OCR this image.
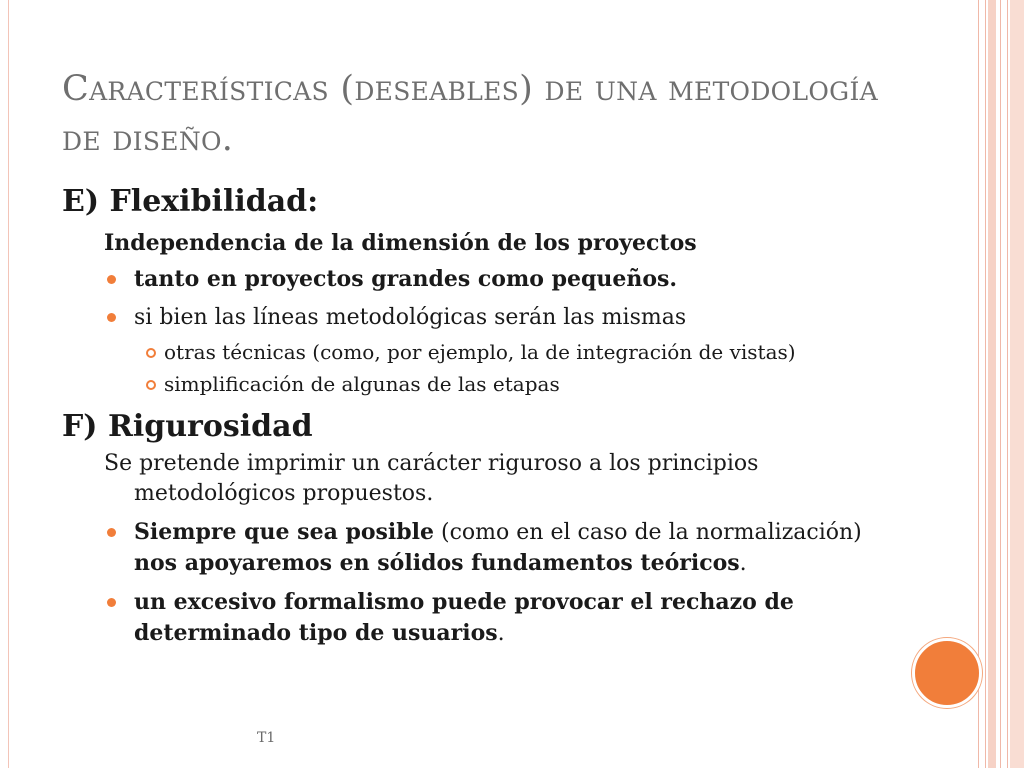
Características (deseables) de una metodología de diseño.
E) Flexibilidad:
Independencia de la dimensión de los proyectos
tanto en proyectos grandes como pequeños.
si bien las líneas metodológicas serán las mismas
otras técnicas (como, por ejemplo, la de integración de vistas)
simplificación de algunas de las etapas
F) Rigurosidad
Se pretende imprimir un carácter riguroso a los principios metodológicos propuestos.
Siempre que sea posible (como en el caso de la normalización) nos apoyaremos en sólidos fundamentos teóricos.
un excesivo formalismo puede provocar el rechazo de determinado tipo de usuarios.
T1
